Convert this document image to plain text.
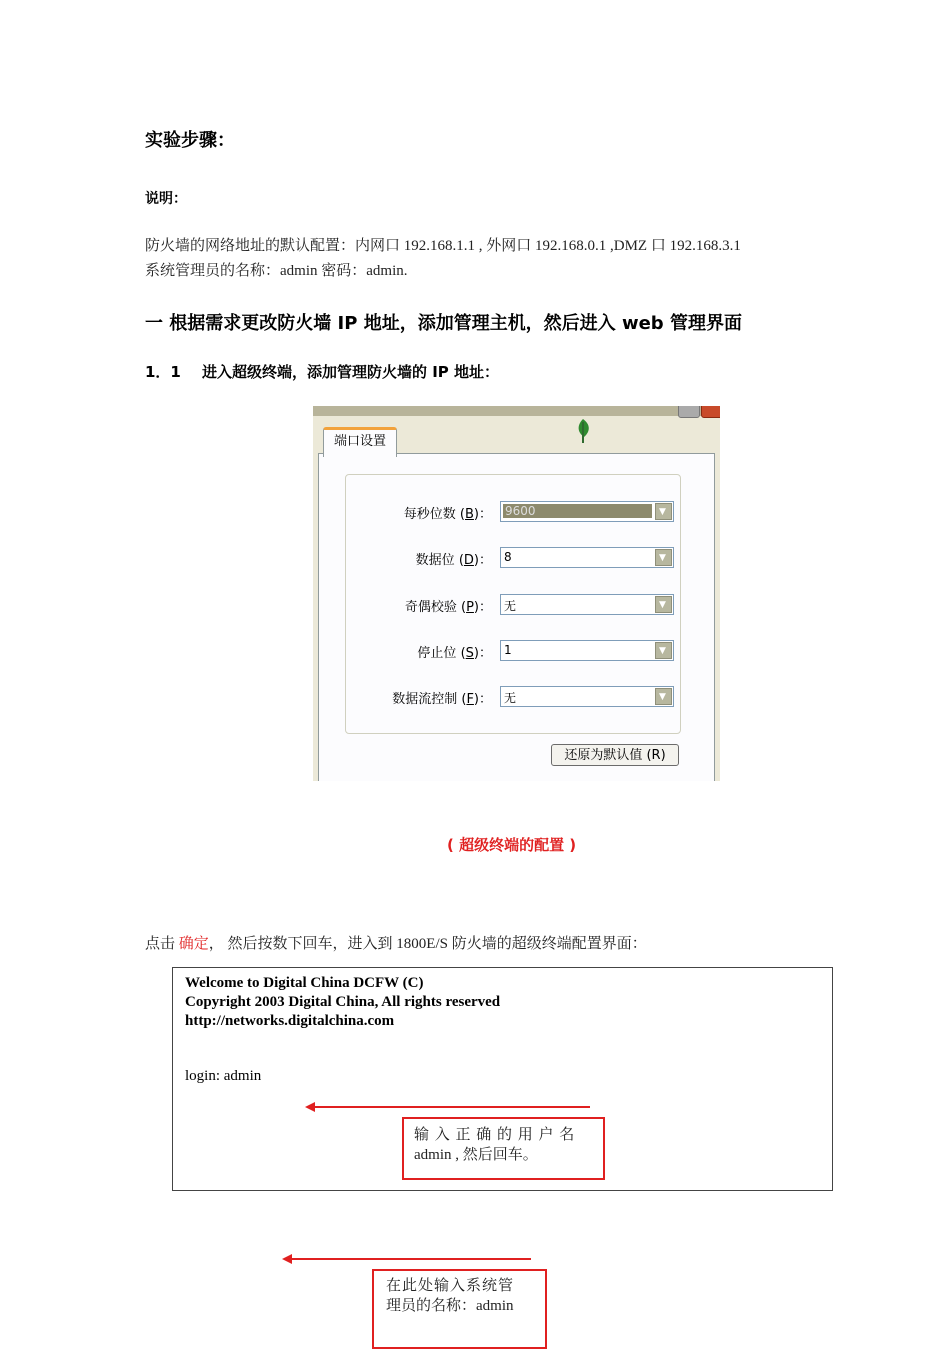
实验步骤：
说明：
防火墙的网络地址的默认配置：内网口 192.168.1.1 , 外网口 192.168.0.1 ,DMZ 口 192.168.3.1
系统管理员的名称：admin 密码：admin.
一 根据需求更改防火墙 IP 地址，添加管理主机，然后进入 web 管理界面
1．1 进入超级终端，添加管理防火墙的 IP 地址：
每秒位数 (B)： 9600	▼
数据位 (D)： 8	▼
奇偶校验 (P)： 无	▼
停止位 (S)： 1	▼
数据流控制 (F)： 无	▼
还原为默认值 (R)
端口设置
( 超级终端的配置 )
点击 确定， 然后按数下回车，进入到 1800E/S 防火墙的超级终端配置界面：
Welcome to Digital China DCFW (C)
Copyright 2003 Digital China, All rights reserved
http://networks.digitalchina.com
login: admin
输 入 正 确 的 用 户 名
admin , 然后回车。
在此处输入系统管
理员的名称：admin
